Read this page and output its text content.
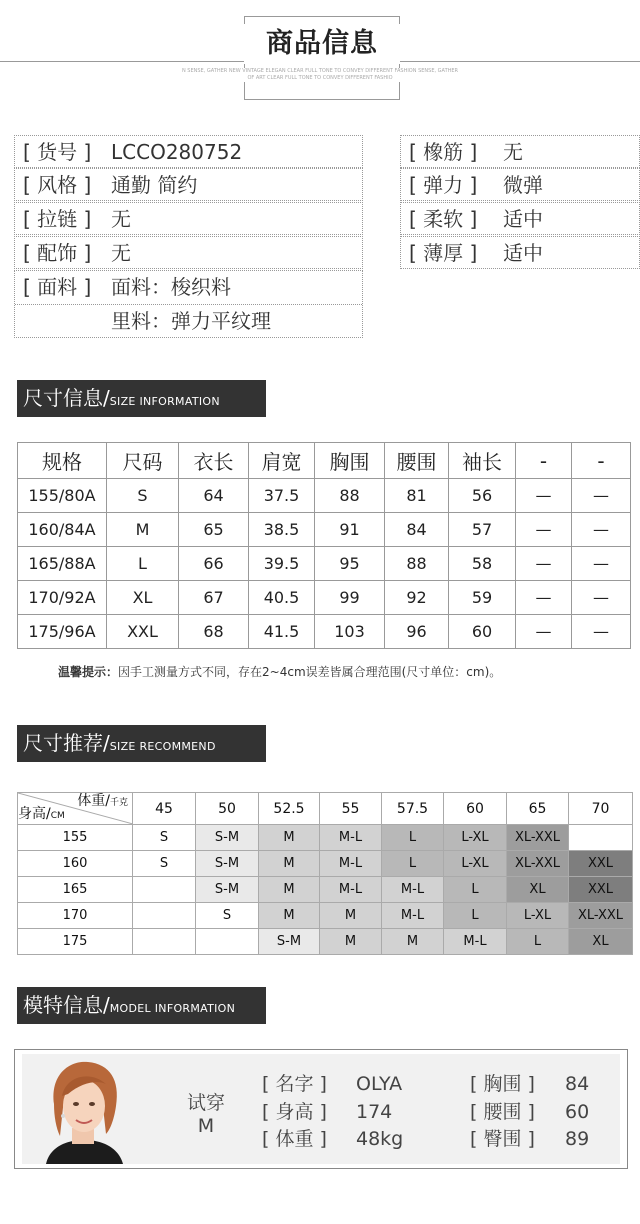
商品信息
N SENSE, GATHER NEW VINTAGE ELEGAN CLEAR FULL TONE TO CONVEY DIFFERENT FASHION SENSE, GATHER
OF ART CLEAR FULL TONE TO CONVEY DIFFERENT FASHIO
[ 货号 ] LCCO280752
[ 风格 ] 通勤 简约
[ 拉链 ] 无
[ 配饰 ] 无
[ 面料 ] 面料：梭织料
里料：弹力平纹理
[ 橡筋 ] 无
[ 弹力 ] 微弹
[ 柔软 ] 适中
[ 薄厚 ] 适中
尺寸信息/SIZE INFORMATION
规格	尺码	衣长	肩宽	胸围	腰围	袖长	-	-
155/80A	S	64	37.5	88	81	56	—	—
160/84A	M	65	38.5	91	84	57	—	—
165/88A	L	66	39.5	95	88	58	—	—
170/92A	XL	67	40.5	99	92	59	—	—
175/96A	XXL	68	41.5	103	96	60	—	—
温馨提示：因手工测量方式不同，存在2~4cm误差皆属合理范围(尺寸单位：cm)。
尺寸推荐/SIZE RECOMMEND
体重/千克
身高/CM	45	50	52.5	55	57.5	60	65	70
155	S	S-M	M	M-L	L	L-XL	XL-XXL	
160	S	S-M	M	M-L	L	L-XL	XL-XXL	XXL
165		S-M	M	M-L	M-L	L	XL	XXL
170		S	M	M	M-L	L	L-XL	XL-XXL
175			S-M	M	M	M-L	L	XL
模特信息/MODEL INFORMATION
试穿
M
[ 名字 ] OLYA
[ 身高 ] 174
[ 体重 ] 48kg
[ 胸围 ] 84
[ 腰围 ] 60
[ 臀围 ] 89
